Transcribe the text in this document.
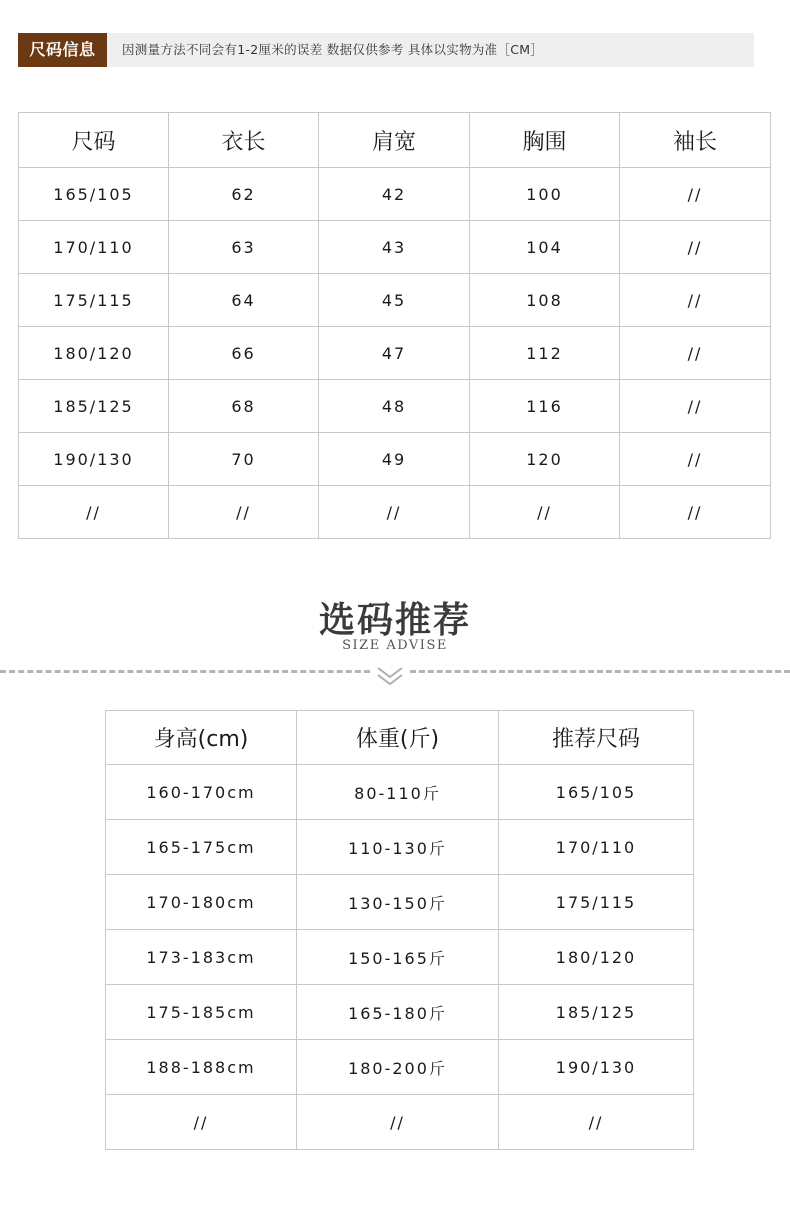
尺码信息	因测量方法不同会有1-2厘米的误差 数据仅供参考 具体以实物为准［CM］
尺码	衣长	肩宽	胸围	袖长
165/105	62	42	100	//
170/110	63	43	104	//
175/115	64	45	108	//
180/120	66	47	112	//
185/125	68	48	116	//
190/130	70	49	120	//
//	//	//	//	//
选码推荐
SIZE ADVISE
身高(cm)	体重(斤)	推荐尺码
160-170cm	80-110斤	165/105
165-175cm	110-130斤	170/110
170-180cm	130-150斤	175/115
173-183cm	150-165斤	180/120
175-185cm	165-180斤	185/125
188-188cm	180-200斤	190/130
//	//	//
